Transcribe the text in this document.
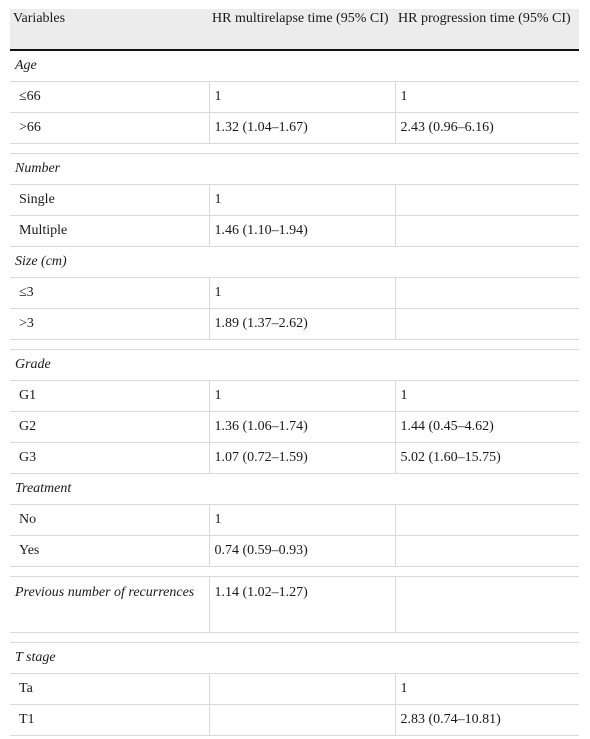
Variables	HR multirelapse time (95% CI)	HR progression time (95% CI)
Age		
≤66	1	1
>66	1.32 (1.04–1.67)	2.43 (0.96–6.16)

Number		
Single	1	
Multiple	1.46 (1.10–1.94)	
Size (cm)		
≤3	1	
>3	1.89 (1.37–2.62)	

Grade		
G1	1	1
G2	1.36 (1.06–1.74)	1.44 (0.45–4.62)
G3	1.07 (0.72–1.59)	5.02 (1.60–15.75)
Treatment		
No	1	
Yes	0.74 (0.59–0.93)	

Previous number of recurrences	1.14 (1.02–1.27)	

T stage		
Ta		1
T1		2.83 (0.74–10.81)
